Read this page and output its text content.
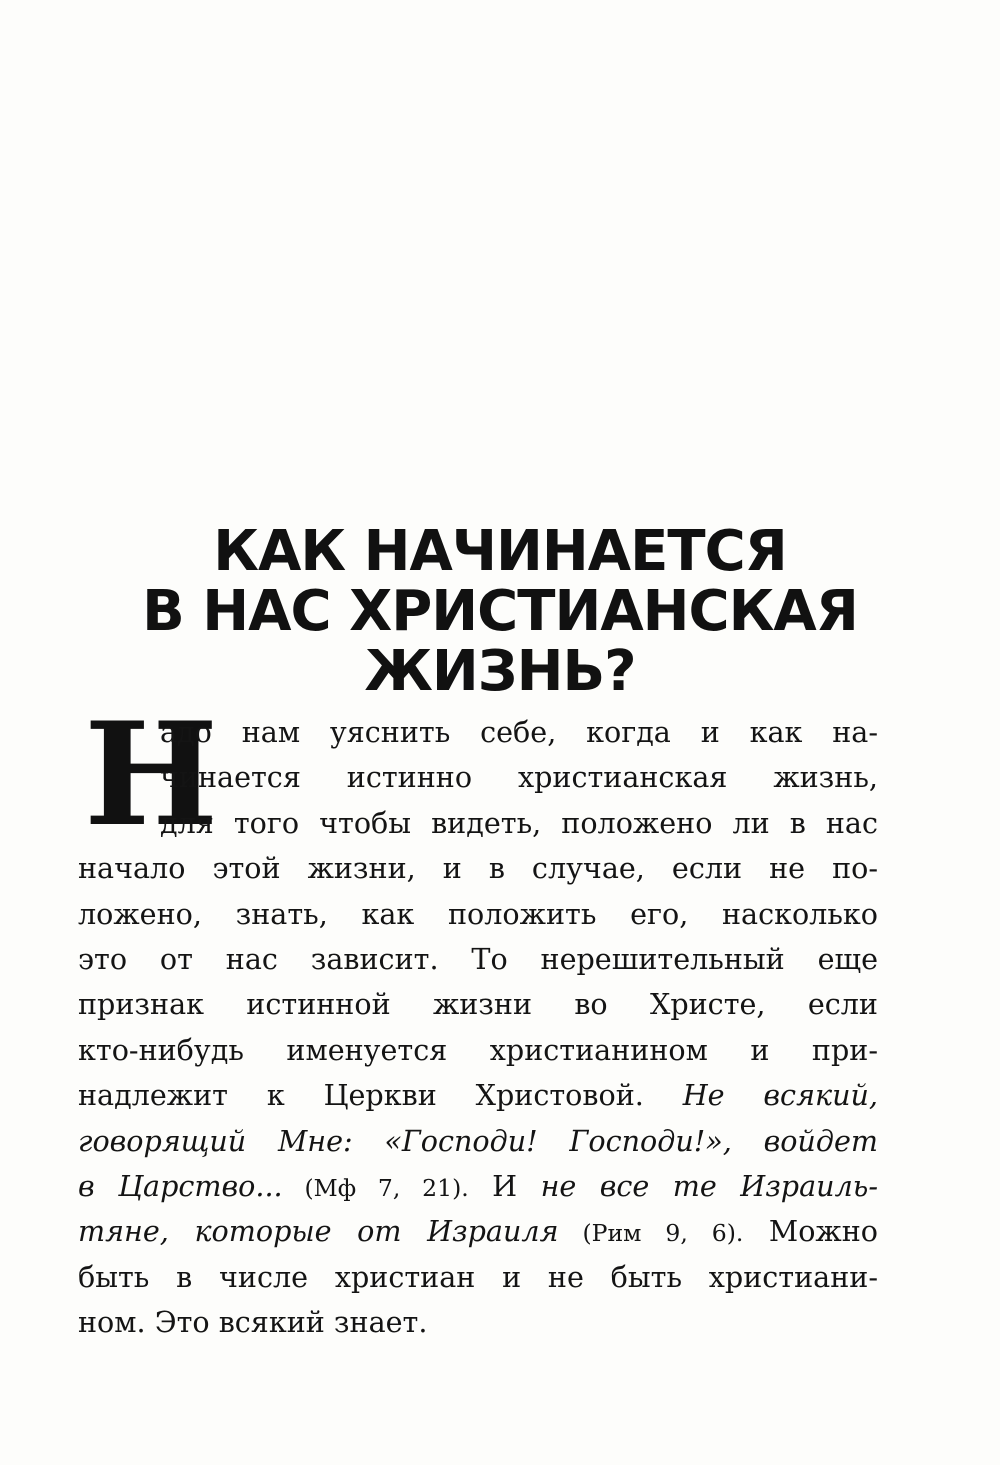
КАК НАЧИНАЕТСЯ
В НАС ХРИСТИАНСКАЯ
ЖИЗНЬ?
Н
адо нам уяснить себе, когда и как на-
чинается истинно христианская жизнь,
для того чтобы видеть, положено ли в нас
начало этой жизни, и в случае, если не по-
ложено, знать, как положить его, насколько
это от нас зависит. То нерешительный еще
признак истинной жизни во Христе, если
кто-нибудь именуется христианином и при-
надлежит к Церкви Христовой. Не всякий,
говорящий Мне: «Господи! Господи!», войдет
в Царство... (Мф 7, 21). И не все те Израиль-
тяне, которые от Израиля (Рим 9, 6). Можно
быть в числе христиан и не быть христиани-
ном. Это всякий знает.
